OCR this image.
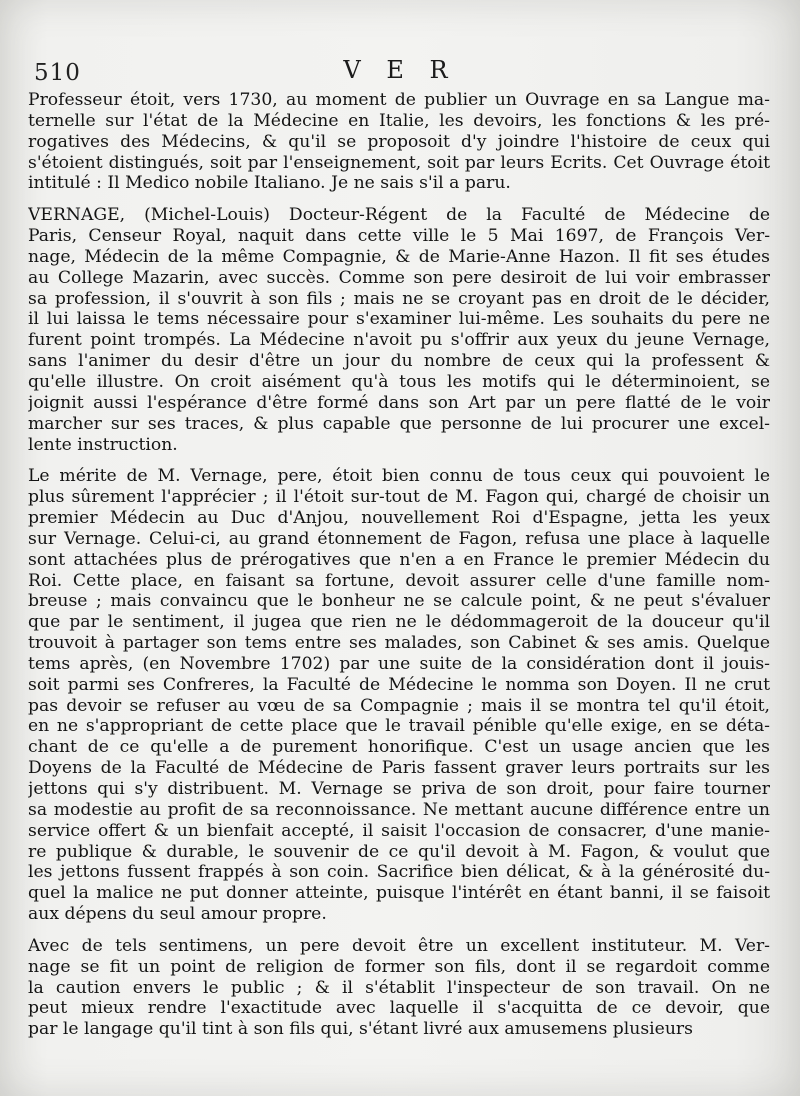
510	V E R
Professeur étoit, vers 1730, au moment de publier un Ouvrage en sa Langue ma-
ternelle sur l'état de la Médecine en Italie, les devoirs, les fonctions & les pré-
rogatives des Médecins, & qu'il se proposoit d'y joindre l'histoire de ceux qui
s'étoient distingués, soit par l'enseignement, soit par leurs Ecrits. Cet Ouvrage étoit
intitulé : Il Medico nobile Italiano. Je ne sais s'il a paru.
VERNAGE, (Michel-Louis) Docteur-Régent de la Faculté de Médecine de
Paris, Censeur Royal, naquit dans cette ville le 5 Mai 1697, de François Ver-
nage, Médecin de la même Compagnie, & de Marie-Anne Hazon. Il fit ses études
au College Mazarin, avec succès. Comme son pere desiroit de lui voir embrasser
sa profession, il s'ouvrit à son fils ; mais ne se croyant pas en droit de le décider,
il lui laissa le tems nécessaire pour s'examiner lui-même. Les souhaits du pere ne
furent point trompés. La Médecine n'avoit pu s'offrir aux yeux du jeune Vernage,
sans l'animer du desir d'être un jour du nombre de ceux qui la professent &
qu'elle illustre. On croit aisément qu'à tous les motifs qui le déterminoient, se
joignit aussi l'espérance d'être formé dans son Art par un pere flatté de le voir
marcher sur ses traces, & plus capable que personne de lui procurer une excel-
lente instruction.
Le mérite de M. Vernage, pere, étoit bien connu de tous ceux qui pouvoient le
plus sûrement l'apprécier ; il l'étoit sur-tout de M. Fagon qui, chargé de choisir un
premier Médecin au Duc d'Anjou, nouvellement Roi d'Espagne, jetta les yeux
sur Vernage. Celui-ci, au grand étonnement de Fagon, refusa une place à laquelle
sont attachées plus de prérogatives que n'en a en France le premier Médecin du
Roi. Cette place, en faisant sa fortune, devoit assurer celle d'une famille nom-
breuse ; mais convaincu que le bonheur ne se calcule point, & ne peut s'évaluer
que par le sentiment, il jugea que rien ne le dédommageroit de la douceur qu'il
trouvoit à partager son tems entre ses malades, son Cabinet & ses amis. Quelque
tems après, (en Novembre 1702) par une suite de la considération dont il jouis-
soit parmi ses Confreres, la Faculté de Médecine le nomma son Doyen. Il ne crut
pas devoir se refuser au vœu de sa Compagnie ; mais il se montra tel qu'il étoit,
en ne s'appropriant de cette place que le travail pénible qu'elle exige, en se déta-
chant de ce qu'elle a de purement honorifique. C'est un usage ancien que les
Doyens de la Faculté de Médecine de Paris fassent graver leurs portraits sur les
jettons qui s'y distribuent. M. Vernage se priva de son droit, pour faire tourner
sa modestie au profit de sa reconnoissance. Ne mettant aucune différence entre un
service offert & un bienfait accepté, il saisit l'occasion de consacrer, d'une manie-
re publique & durable, le souvenir de ce qu'il devoit à M. Fagon, & voulut que
les jettons fussent frappés à son coin. Sacrifice bien délicat, & à la générosité du-
quel la malice ne put donner atteinte, puisque l'intérêt en étant banni, il se faisoit
aux dépens du seul amour propre.
Avec de tels sentimens, un pere devoit être un excellent instituteur. M. Ver-
nage se fit un point de religion de former son fils, dont il se regardoit comme
la caution envers le public ; & il s'établit l'inspecteur de son travail. On ne
peut mieux rendre l'exactitude avec laquelle il s'acquitta de ce devoir, que
par le langage qu'il tint à son fils qui, s'étant livré aux amusemens plusieurs
